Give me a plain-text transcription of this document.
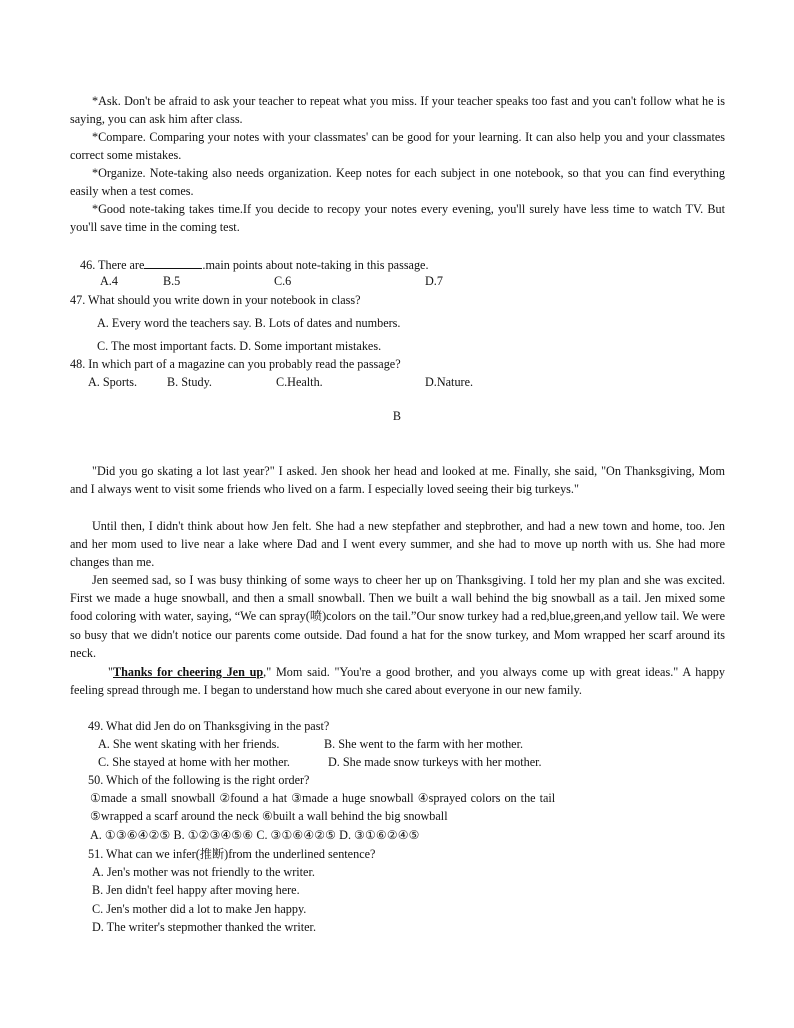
*Ask. Don't be afraid to ask your teacher to repeat what you miss. If your teacher speaks too fast and you can't follow what he is saying, you can ask him after class.
*Compare. Comparing your notes with your classmates' can be good for your learning. It can also help you and your classmates correct some mistakes.
*Organize. Note-taking also needs organization. Keep notes for each subject in one notebook, so that you can find everything easily when a test comes.
*Good note-taking takes time.If you decide to recopy your notes every evening, you'll surely have less time to watch TV. But you'll save time in the coming test.
46. There are	.main points about note-taking in this passage.
A.4	B.5	C.6	D.7
47. What should you write down in your notebook in class?
A. Every word the teachers say. B. Lots of dates and numbers.
C. The most important facts. D. Some important mistakes.
48. In which part of a magazine can you probably read the passage?
A. Sports. B. Study.	C.Health.	D.Nature.
B
"Did you go skating a lot last year?" I asked. Jen shook her head and looked at me. Finally, she said, "On Thanksgiving, Mom and I always went to visit some friends who lived on a farm. I especially loved seeing their big turkeys."
Until then, I didn't think about how Jen felt. She had a new stepfather and stepbrother, and had a new town and home, too. Jen and her mom used to live near a lake where Dad and I went every summer, and she had to move up north with us. She had more changes than me.
Jen seemed sad, so I was busy thinking of some ways to cheer her up on Thanksgiving. I told her my plan and she was excited. First we made a huge snowball, and then a small snowball. Then we built a wall behind the big snowball as a tail. Jen mixed some food coloring with water, saying, “We can spray(喷)colors on the tail.”Our snow turkey had a red,blue,green,and yellow tail. We were so busy that we didn't notice our parents come outside. Dad found a hat for the snow turkey, and Mom wrapped her scarf around its neck.
"Thanks for cheering Jen up," Mom said. "You're a good brother, and you always come up with great ideas." A happy feeling spread through me. I began to understand how much she cared about everyone in our new family.
49. What did Jen do on Thanksgiving in the past?
A. She went skating with her friends.	B. She went to the farm with her mother.
C. She stayed at home with her mother.	D. She made snow turkeys with her mother.
50. Which of the following is the right order?
①made a small snowball ②found a hat ③made a huge snowball ④sprayed colors on the tail
⑤wrapped a scarf around the neck ⑥built a wall behind the big snowball
A. ①③⑥④②⑤ B. ①②③④⑤⑥ C. ③①⑥④②⑤ D. ③①⑥②④⑤
51. What can we infer(推断)from the underlined sentence?
A. Jen's mother was not friendly to the writer.
B. Jen didn't feel happy after moving here.
C. Jen's mother did a lot to make Jen happy.
D. The writer's stepmother thanked the writer.
